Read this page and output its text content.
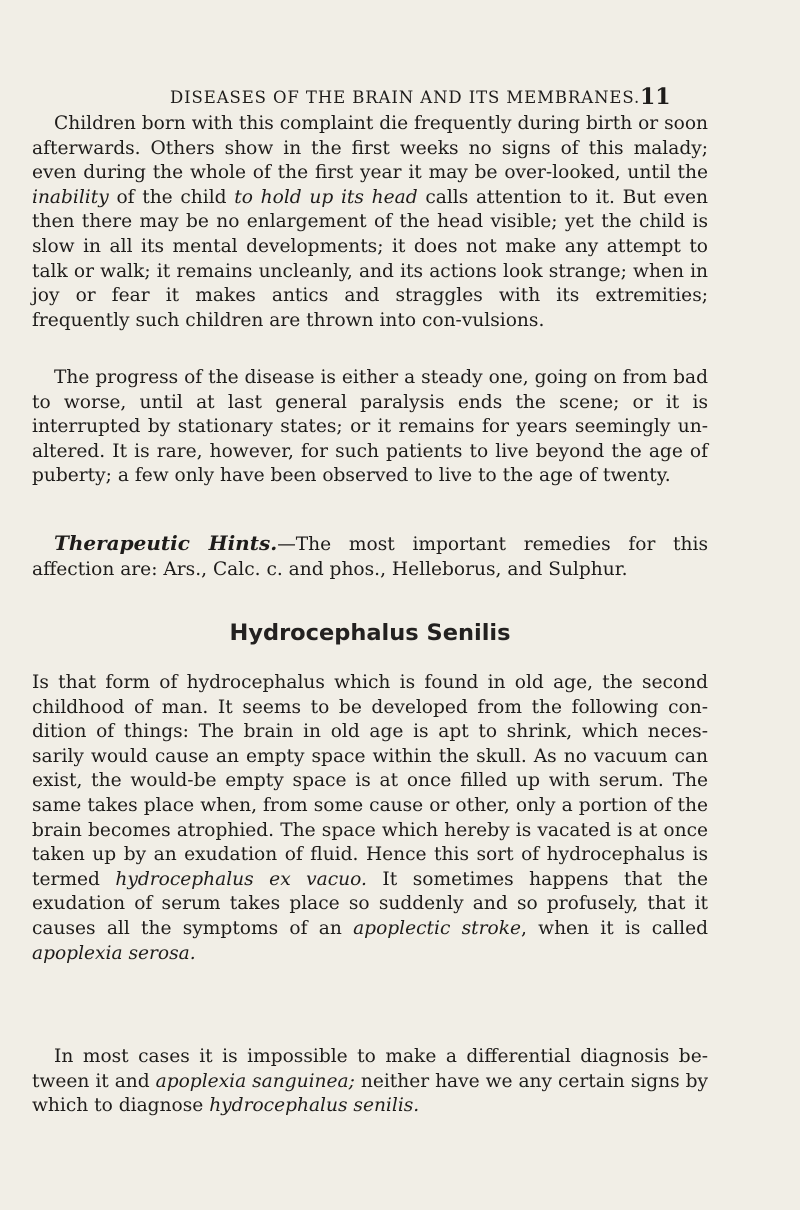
DISEASES OF THE BRAIN AND ITS MEMBRANES. 11
Children born with this complaint die frequently during birth or soon afterwards. Others show in the first weeks no signs of this malady; even during the whole of the first year it may be over-looked, until the inability of the child to hold up its head calls attention to it. But even then there may be no enlargement of the head visible; yet the child is slow in all its mental developments; it does not make any attempt to talk or walk; it remains uncleanly, and its actions look strange; when in joy or fear it makes antics and straggles with its extremities; frequently such children are thrown into con-vulsions.
The progress of the disease is either a steady one, going on from bad to worse, until at last general paralysis ends the scene; or it is interrupted by stationary states; or it remains for years seemingly un-altered. It is rare, however, for such patients to live beyond the age of puberty; a few only have been observed to live to the age of twenty.
Therapeutic Hints.—The most important remedies for this affection are: Ars., Calc. c. and phos., Helleborus, and Sulphur.
Hydrocephalus Senilis
Is that form of hydrocephalus which is found in old age, the second childhood of man. It seems to be developed from the following con-dition of things: The brain in old age is apt to shrink, which neces-sarily would cause an empty space within the skull. As no vacuum can exist, the would-be empty space is at once filled up with serum. The same takes place when, from some cause or other, only a portion of the brain becomes atrophied. The space which hereby is vacated is at once taken up by an exudation of fluid. Hence this sort of hydrocephalus is termed hydrocephalus ex vacuo. It sometimes happens that the exudation of serum takes place so suddenly and so profusely, that it causes all the symptoms of an apoplectic stroke, when it is called apoplexia serosa.
In most cases it is impossible to make a differential diagnosis be-tween it and apoplexia sanguinea; neither have we any certain signs by which to diagnose hydrocephalus senilis.
